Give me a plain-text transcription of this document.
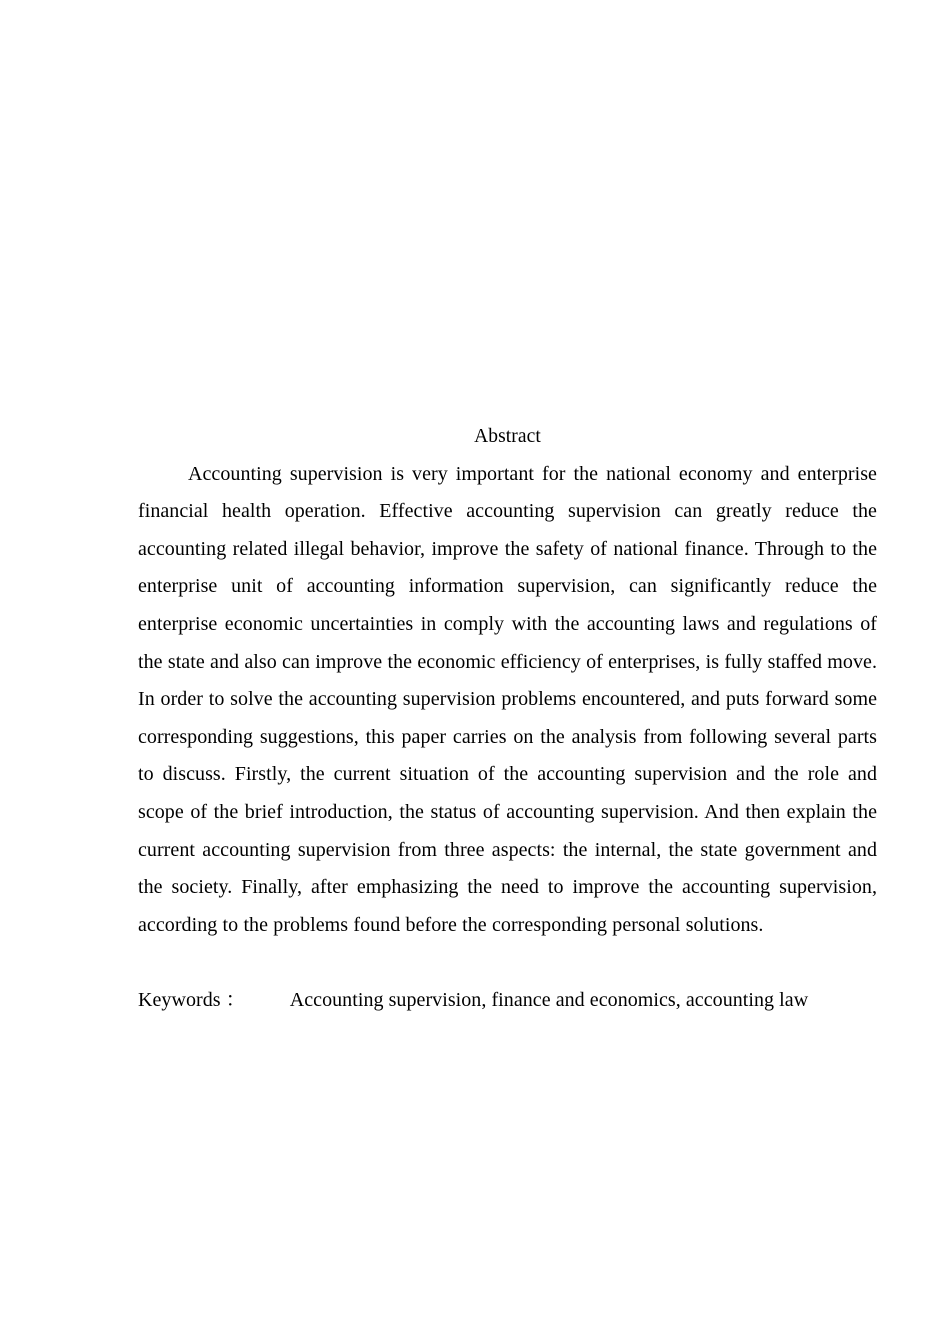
Abstract

Accounting supervision is very important for the national economy and enterprise financial health operation. Effective accounting supervision can greatly reduce the accounting related illegal behavior, improve the safety of national finance. Through to the enterprise unit of accounting information supervision, can significantly reduce the enterprise economic uncertainties in comply with the accounting laws and regulations of the state and also can improve the economic efficiency of enterprises, is fully staffed move. In order to solve the accounting supervision problems encountered, and puts forward some corresponding suggestions, this paper carries on the analysis from following several parts to discuss. Firstly, the current situation of the accounting supervision and the role and scope of the brief introduction, the status of accounting supervision. And then explain the current accounting supervision from three aspects: the internal, the state government and the society. Finally, after emphasizing the need to improve the accounting supervision, according to the problems found before the corresponding personal solutions.

Keywords ： Accounting supervision, finance and economics, accounting law
